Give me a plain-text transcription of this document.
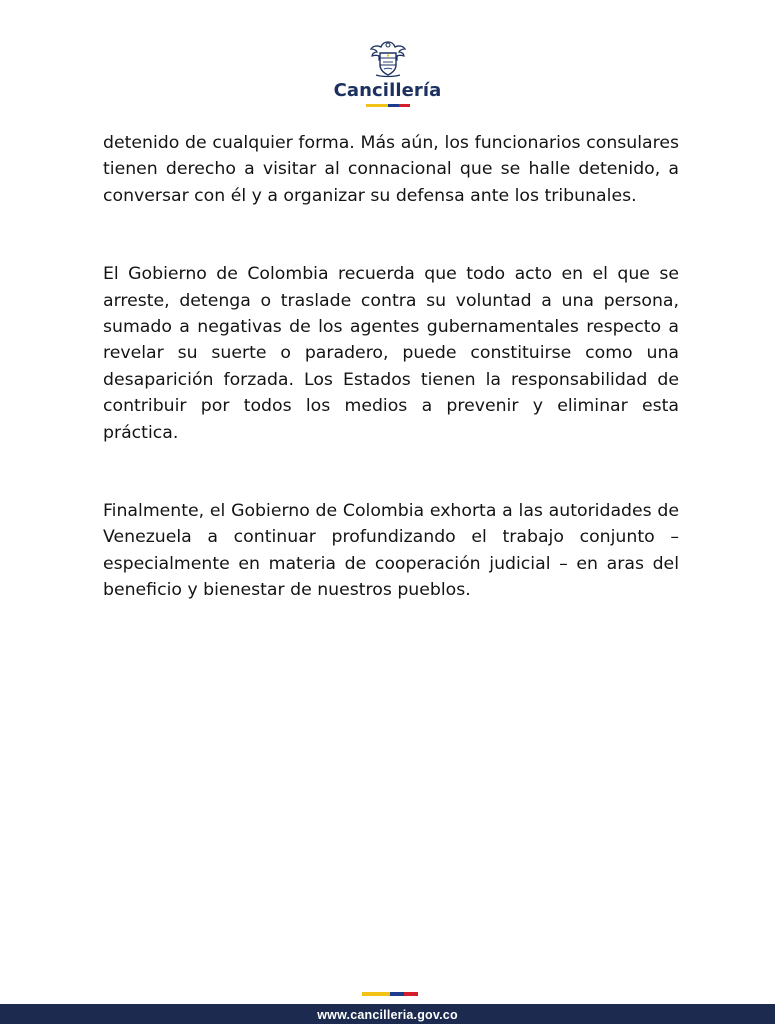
Cancillería

detenido de cualquier forma. Más aún, los funcionarios consulares tienen derecho a visitar al connacional que se halle detenido, a conversar con él y a organizar su defensa ante los tribunales.

El Gobierno de Colombia recuerda que todo acto en el que se arreste, detenga o traslade contra su voluntad a una persona, sumado a negativas de los agentes gubernamentales respecto a revelar su suerte o paradero, puede constituirse como una desaparición forzada. Los Estados tienen la responsabilidad de contribuir por todos los medios a prevenir y eliminar esta práctica.

Finalmente, el Gobierno de Colombia exhorta a las autoridades de Venezuela a continuar profundizando el trabajo conjunto – especialmente en materia de cooperación judicial – en aras del beneficio y bienestar de nuestros pueblos.

www.cancilleria.gov.co
